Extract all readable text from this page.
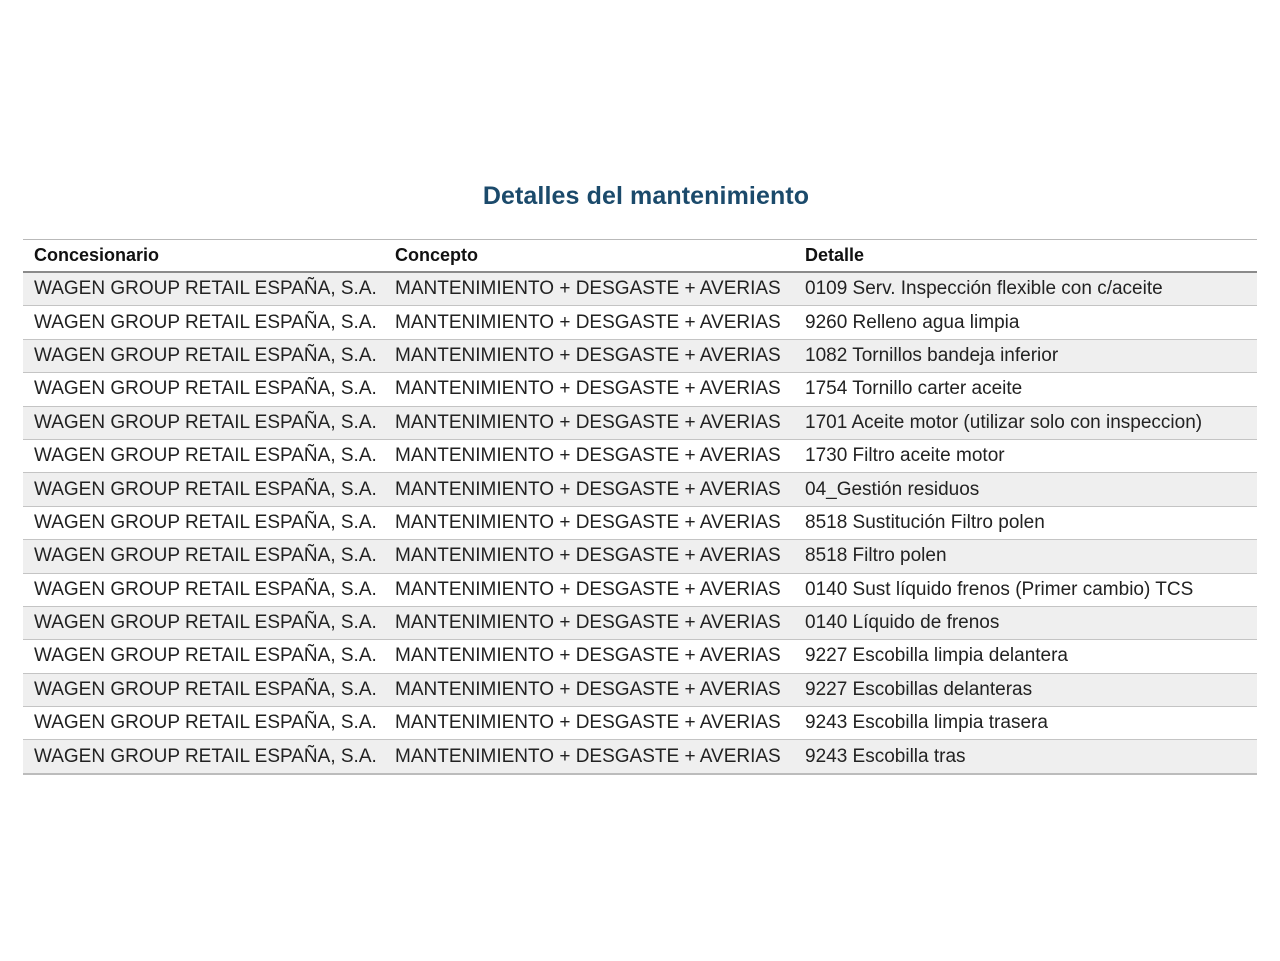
Detalles del mantenimiento
Concesionario	Concepto	Detalle
WAGEN GROUP RETAIL ESPAÑA, S.A.	MANTENIMIENTO + DESGASTE + AVERIAS	0109 Serv. Inspección flexible con c/aceite
WAGEN GROUP RETAIL ESPAÑA, S.A.	MANTENIMIENTO + DESGASTE + AVERIAS	9260 Relleno agua limpia
WAGEN GROUP RETAIL ESPAÑA, S.A.	MANTENIMIENTO + DESGASTE + AVERIAS	1082 Tornillos bandeja inferior
WAGEN GROUP RETAIL ESPAÑA, S.A.	MANTENIMIENTO + DESGASTE + AVERIAS	1754 Tornillo carter aceite
WAGEN GROUP RETAIL ESPAÑA, S.A.	MANTENIMIENTO + DESGASTE + AVERIAS	1701 Aceite motor (utilizar solo con inspeccion)
WAGEN GROUP RETAIL ESPAÑA, S.A.	MANTENIMIENTO + DESGASTE + AVERIAS	1730 Filtro aceite motor
WAGEN GROUP RETAIL ESPAÑA, S.A.	MANTENIMIENTO + DESGASTE + AVERIAS	04_Gestión residuos
WAGEN GROUP RETAIL ESPAÑA, S.A.	MANTENIMIENTO + DESGASTE + AVERIAS	8518 Sustitución Filtro polen
WAGEN GROUP RETAIL ESPAÑA, S.A.	MANTENIMIENTO + DESGASTE + AVERIAS	8518 Filtro polen
WAGEN GROUP RETAIL ESPAÑA, S.A.	MANTENIMIENTO + DESGASTE + AVERIAS	0140 Sust líquido frenos (Primer cambio) TCS
WAGEN GROUP RETAIL ESPAÑA, S.A.	MANTENIMIENTO + DESGASTE + AVERIAS	0140 Líquido de frenos
WAGEN GROUP RETAIL ESPAÑA, S.A.	MANTENIMIENTO + DESGASTE + AVERIAS	9227 Escobilla limpia delantera
WAGEN GROUP RETAIL ESPAÑA, S.A.	MANTENIMIENTO + DESGASTE + AVERIAS	9227 Escobillas delanteras
WAGEN GROUP RETAIL ESPAÑA, S.A.	MANTENIMIENTO + DESGASTE + AVERIAS	9243 Escobilla limpia trasera
WAGEN GROUP RETAIL ESPAÑA, S.A.	MANTENIMIENTO + DESGASTE + AVERIAS	9243 Escobilla tras
